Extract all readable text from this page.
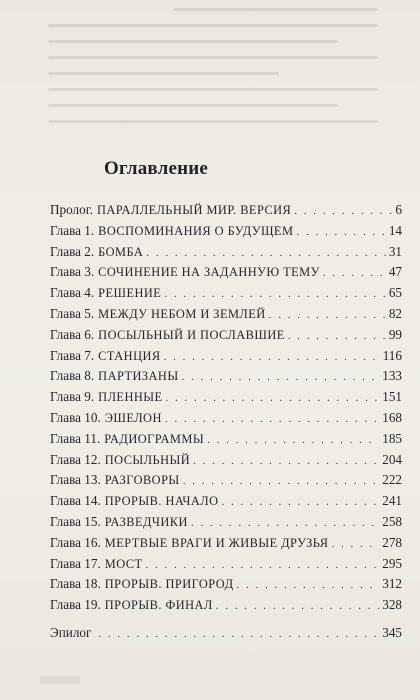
Оглавление
Пролог. ПАРАЛЛЕЛЬНЫЙ МИР. ВЕРСИЯ . . .	6
Глава 1. ВОСПОМИНАНИЯ О БУДУЩЕМ . . .	14
Глава 2. БОМБА . . .	31
Глава 3. СОЧИНЕНИЕ НА ЗАДАННУЮ ТЕМУ . . .	47
Глава 4. РЕШЕНИЕ . . .	65
Глава 5. МЕЖДУ НЕБОМ И ЗЕМЛЕЙ . . .	82
Глава 6. ПОСЫЛЬНЫЙ И ПОСЛАВШИЕ . . .	99
Глава 7. СТАНЦИЯ . . .	116
Глава 8. ПАРТИЗАНЫ . . .	133
Глава 9. ПЛЕННЫЕ . . .	151
Глава 10. ЭШЕЛОН . . .	168
Глава 11. РАДИОГРАММЫ . . .	185
Глава 12. ПОСЫЛЬНЫЙ . . .	204
Глава 13. РАЗГОВОРЫ . . .	222
Глава 14. ПРОРЫВ. НАЧАЛО . . .	241
Глава 15. РАЗВЕДЧИКИ . . .	258
Глава 16. МЕРТВЫЕ ВРАГИ И ЖИВЫЕ ДРУЗЬЯ . . .	278
Глава 17. МОСТ . . .	295
Глава 18. ПРОРЫВ. ПРИГОРОД . . .	312
Глава 19. ПРОРЫВ. ФИНАЛ . . .	328
Эпилог . . .	345
